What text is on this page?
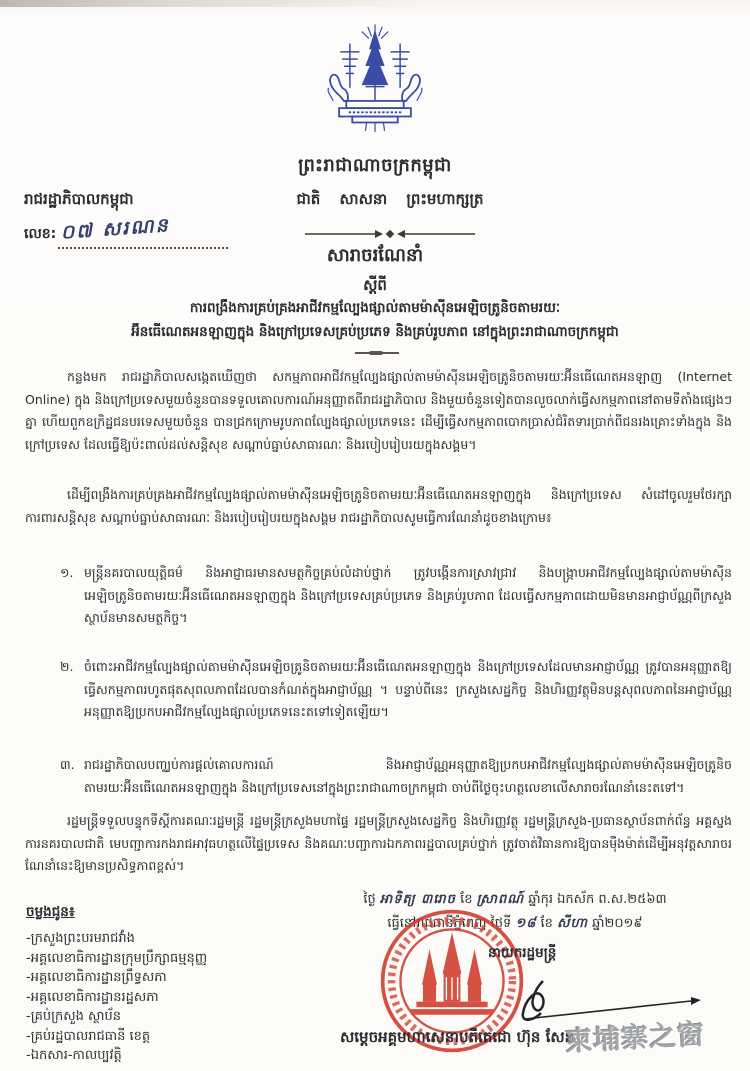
ព្រះរាជាណាចក្រកម្ពុជា
រាជរដ្ឋាភិបាលកម្ពុជា
លេខ: ០៧ សរណន
ជាតិ សាសនា ព្រះមហាក្សត្រ
សារាចរណែនាំ
ស្តីពី
ការពង្រឹងការគ្រប់គ្រងអាជីវកម្មល្បែងផ្សាល់តាមម៉ាស៊ីនអេឡិចត្រូនិចតាមរយៈ
អ៊ីនធើណេតអនឡាញក្នុង និងក្រៅប្រទេសគ្រប់ប្រភេទ និងគ្រប់រូបភាព នៅក្នុងព្រះរាជាណាចក្រកម្ពុជា
កន្លងមក រាជរដ្ឋាភិបាលសង្កេតឃើញថា សកម្មភាពអាជីវកម្មល្បែងផ្សាល់តាមម៉ាស៊ីនអេឡិចត្រូនិចតាមរយៈអ៊ីនធើណេតអនឡាញ (Internet Online) ក្នុង និងក្រៅប្រទេសមួយចំនួនបានទទួលគោលការណ៍អនុញ្ញាតពីរាជរដ្ឋាភិបាល និងមួយចំនួនទៀតបានលួចលាក់ធ្វើសកម្មភាពនៅតាមទីតាំងផ្សេងៗគ្នា ហើយពួកឧក្រិដ្ឋជនបរទេសមួយចំនួន បានជ្រកក្រោមរូបភាពល្បែងផ្សាល់ប្រភេទនេះ ដើម្បីធ្វើសកម្មភាពបោកប្រាស់ជំរិតទារប្រាក់ពីជនរងគ្រោះទាំងក្នុង និងក្រៅប្រទេស ដែលធ្វើឱ្យប៉ះពាល់ដល់សន្តិសុខ សណ្តាប់ធ្នាប់សាធារណៈ និងរបៀបរៀបរយក្នុងសង្គម។
ដើម្បីពង្រឹងការគ្រប់គ្រងអាជីវកម្មល្បែងផ្សាល់តាមម៉ាស៊ីនអេឡិចត្រូនិចតាមរយៈអ៊ីនធើណេតអនឡាញក្នុង និងក្រៅប្រទេស សំដៅចូលរួមថែរក្សាការពារសន្តិសុខ សណ្តាប់ធ្នាប់សាធារណៈ និងរបៀបរៀបរយក្នុងសង្គម រាជរដ្ឋាភិបាលសូមធ្វើការណែនាំដូចខាងក្រោម៖
១. មន្ត្រីនគរបាលយុត្តិធម៌ និងអាជ្ញាធរមានសមត្ថកិច្ចគ្រប់លំដាប់ថ្នាក់ ត្រូវបង្កើនការស្រាវជ្រាវ និងបង្ក្រាបអាជីវកម្មល្បែងផ្សាល់តាមម៉ាស៊ីនអេឡិចត្រូនិចតាមរយៈអ៊ីនធើណេតអនឡាញក្នុង និងក្រៅប្រទេសគ្រប់ប្រភេទ និងគ្រប់រូបភាព ដែលធ្វើសកម្មភាពដោយមិនមានអាជ្ញាប័ណ្ណពីក្រសួង ស្ថាប័នមានសមត្ថកិច្ច។
២. ចំពោះអាជីវកម្មល្បែងផ្សាល់តាមម៉ាស៊ីនអេឡិចត្រូនិចតាមរយៈអ៊ីនធើណេតអនឡាញក្នុង និងក្រៅប្រទេសដែលមានអាជ្ញាប័ណ្ណ ត្រូវបានអនុញ្ញាតឱ្យធ្វើសកម្មភាពរហូតផុតសុពលភាពដែលបានកំណត់ក្នុងអាជ្ញាប័ណ្ណ ។ បន្ទាប់ពីនេះ ក្រសួងសេដ្ឋកិច្ច និងហិរញ្ញវត្ថុមិនបន្តសុពលភាពនៃអាជ្ញាប័ណ្ណអនុញ្ញាតឱ្យប្រកបអាជីវកម្មល្បែងផ្សាល់ប្រភេទនេះតទៅទៀតឡើយ។
៣. រាជរដ្ឋាភិបាលបញ្ឈប់ការផ្តល់គោលការណ៍ និងអាជ្ញាប័ណ្ណអនុញ្ញាតឱ្យប្រកបអាជីវកម្មល្បែងផ្សាល់តាមម៉ាស៊ីនអេឡិចត្រូនិចតាមរយៈអ៊ីនធើណេតអនឡាញក្នុង និងក្រៅប្រទេសនៅក្នុងព្រះរាជាណាចក្រកម្ពុជា ចាប់ពីថ្ងៃចុះហត្ថលេខាលើសារាចរណែនាំនេះតទៅ។
រដ្ឋមន្ត្រីទទួលបន្ទុកទីស្តីការគណៈរដ្ឋមន្ត្រី រដ្ឋមន្ត្រីក្រសួងមហាផ្ទៃ រដ្ឋមន្ត្រីក្រសួងសេដ្ឋកិច្ច និងហិរញ្ញវត្ថុ រដ្ឋមន្ត្រីក្រសួង-ប្រធានស្ថាប័នពាក់ព័ន្ធ អគ្គស្នងការនគរបាលជាតិ មេបញ្ជាការកងរាជអាវុធហត្ថលើផ្ទៃប្រទេស និងគណៈបញ្ជាការឯកភាពរដ្ឋបាលគ្រប់ថ្នាក់ ត្រូវចាត់វិធានការឱ្យបានម៉ឺងម៉ាត់ដើម្បីអនុវត្តសារាចរណែនាំនេះឱ្យមានប្រសិទ្ធភាពខ្ពស់។
ថ្ងៃ អាទិត្យ ៣រោច ខែ ស្រាពណ៍ ឆ្នាំកុរ ឯកស័ក ព.ស.២៥៦៣
ធ្វើនៅរាជធានីភ្នំពេញ ថ្ងៃទី ១៨ ខែ សីហា ឆ្នាំ២០១៩
ចម្លងជូន៖
-ក្រសួងព្រះបរមរាជវាំង
-អគ្គលេខាធិការដ្ឋានក្រុមប្រឹក្សាធម្មនុញ្ញ
-អគ្គលេខាធិការដ្ឋានព្រឹទ្ធសភា
-អគ្គលេខាធិការដ្ឋានរដ្ឋសភា
-គ្រប់ក្រសួង ស្ថាប័ន
-គ្រប់រដ្ឋបាលរាជធានី ខេត្ត
-ឯកសារ-កាលប្បវត្តិ
នាយករដ្ឋមន្ត្រី
សម្តេចអគ្គមហាសេនាបតីតេជោ ហ៊ុន សែន
柬埔寨之窗
